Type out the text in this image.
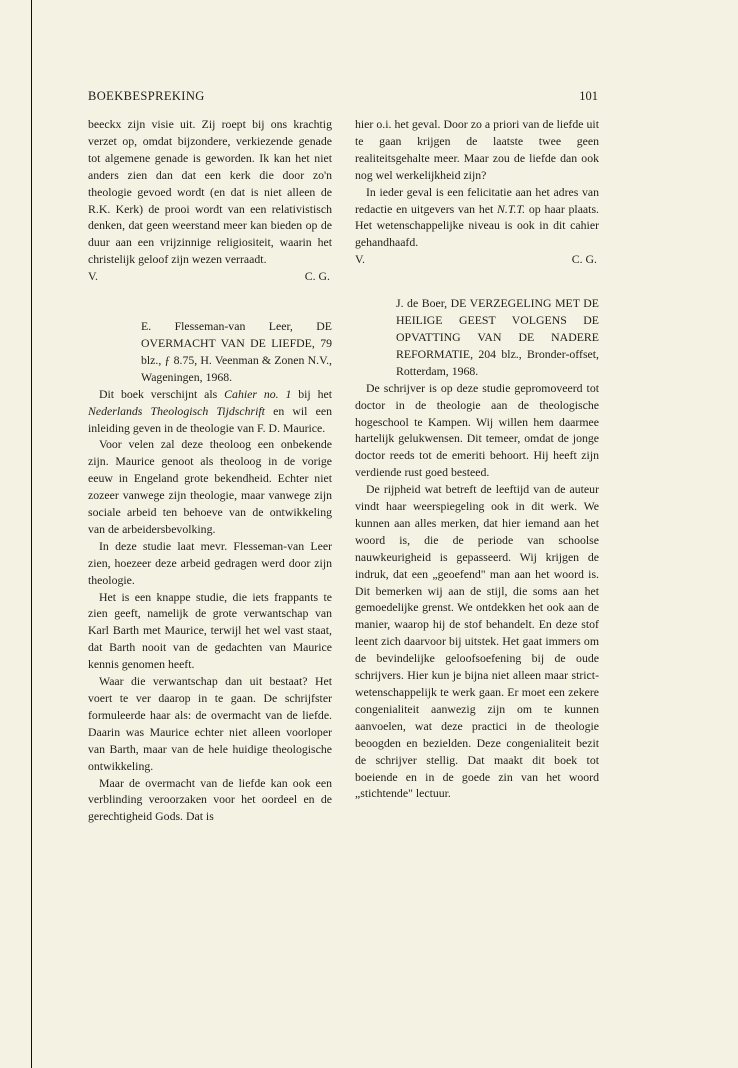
BOEKBESPREKING	101

beeckx zijn visie uit. Zij roept bij ons krachtig verzet op, omdat bijzondere, verkiezende genade tot algemene genade is geworden. Ik kan het niet anders zien dan dat een kerk die door zo'n theologie gevoed wordt (en dat is niet alleen de R.K. Kerk) de prooi wordt van een relativistisch denken, dat geen weerstand meer kan bieden op de duur aan een vrijzinnige religiositeit, waarin het christelijk geloof zijn wezen verraadt.

V.	C. G.
E. Flesseman-van Leer, DE OVERMACHT VAN DE LIEFDE, 79 blz., ƒ 8.75, H. Veenman & Zonen N.V., Wageningen, 1968.

Dit boek verschijnt als Cahier no. 1 bij het Nederlands Theologisch Tijdschrift en wil een inleiding geven in de theologie van F. D. Maurice.

Voor velen zal deze theoloog een onbekende zijn. Maurice genoot als theoloog in de vorige eeuw in Engeland grote bekendheid. Echter niet zozeer vanwege zijn theologie, maar vanwege zijn sociale arbeid ten behoeve van de ontwikkeling van de arbeidersbevolking.

In deze studie laat mevr. Flesseman-van Leer zien, hoezeer deze arbeid gedragen werd door zijn theologie.

Het is een knappe studie, die iets frappants te zien geeft, namelijk de grote verwantschap van Karl Barth met Maurice, terwijl het wel vast staat, dat Barth nooit van de gedachten van Maurice kennis genomen heeft.

Waar die verwantschap dan uit bestaat? Het voert te ver daarop in te gaan. De schrijfster formuleerde haar als: de overmacht van de liefde. Daarin was Maurice echter niet alleen voorloper van Barth, maar van de hele huidige theologische ontwikkeling.

Maar de overmacht van de liefde kan ook een verblinding veroorzaken voor het oordeel en de gerechtigheid Gods. Dat is

hier o.i. het geval. Door zo a priori van de liefde uit te gaan krijgen de laatste twee geen realiteitsgehalte meer. Maar zou de liefde dan ook nog wel werkelijkheid zijn?

In ieder geval is een felicitatie aan het adres van redactie en uitgevers van het N.T.T. op haar plaats. Het wetenschappelijke niveau is ook in dit cahier gehandhaafd.

V.	C. G.
J. de Boer, DE VERZEGELING MET DE HEILIGE GEEST VOLGENS DE OPVATTING VAN DE NADERE REFORMATIE, 204 blz., Bronder-offset, Rotterdam, 1968.

De schrijver is op deze studie gepromoveerd tot doctor in de theologie aan de theologische hogeschool te Kampen. Wij willen hem daarmee hartelijk gelukwensen. Dit temeer, omdat de jonge doctor reeds tot de emeriti behoort. Hij heeft zijn verdiende rust goed besteed.

De rijpheid wat betreft de leeftijd van de auteur vindt haar weerspiegeling ook in dit werk. We kunnen aan alles merken, dat hier iemand aan het woord is, die de periode van schoolse nauwkeurigheid is gepasseerd. Wij krijgen de indruk, dat een „geoefend" man aan het woord is. Dit bemerken wij aan de stijl, die soms aan het gemoedelijke grenst. We ontdekken het ook aan de manier, waarop hij de stof behandelt. En deze stof leent zich daarvoor bij uitstek. Het gaat immers om de bevindelijke geloofsoefening bij de oude schrijvers. Hier kun je bijna niet alleen maar strict-wetenschappelijk te werk gaan. Er moet een zekere congenialiteit aanwezig zijn om te kunnen aanvoelen, wat deze practici in de theologie beoogden en bezielden. Deze congenialiteit bezit de schrijver stellig. Dat maakt dit boek tot boeiende en in de goede zin van het woord „stichtende" lectuur.
